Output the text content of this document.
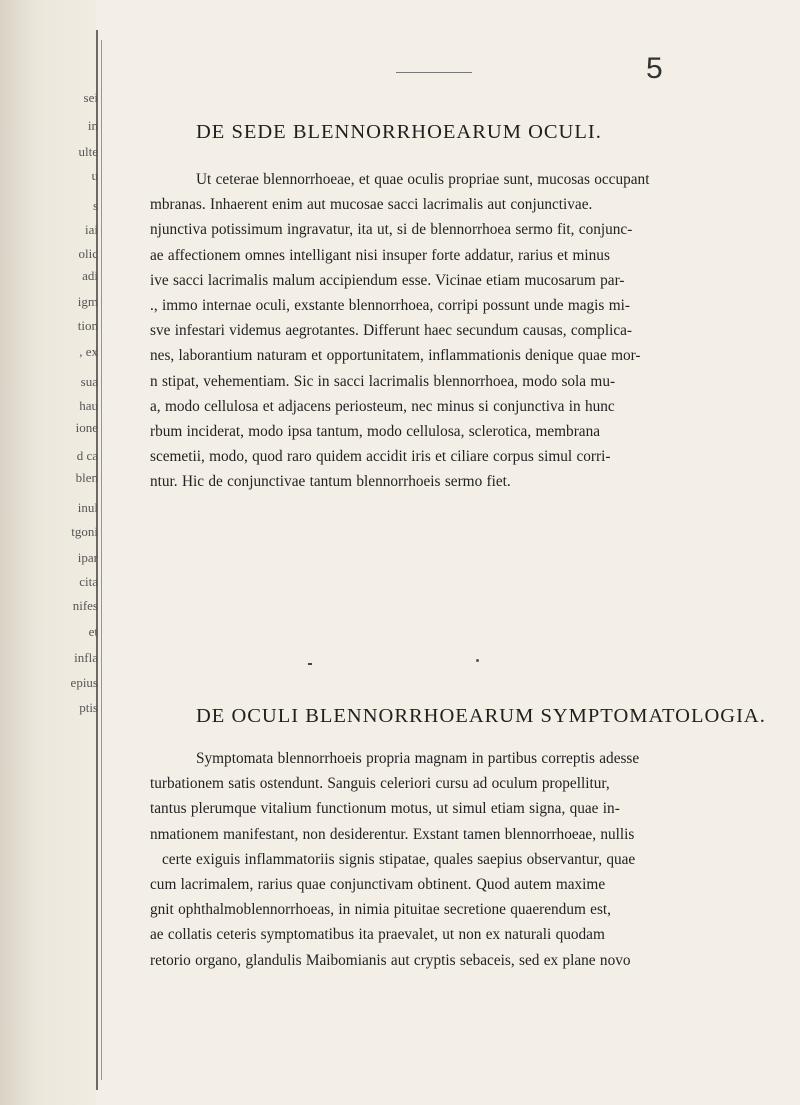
sei
in
ulte
u
s
iai
olic
adi
igm
tion
, ex
sua
hau
ione
d ca
blen
inul
tgoni
ipar
cita
nifes
et
infla
epius
ptis
5
DE SEDE BLENNORRHOEARUM OCULI.
Ut ceterae blennorrhoeae, et quae oculis propriae sunt, mucosas occupant
mbranas. Inhaerent enim aut mucosae sacci lacrimalis aut conjunctivae.
njunctiva potissimum ingravatur, ita ut, si de blennorrhoea sermo fit, conjunc-
ae affectionem omnes intelligant nisi insuper forte addatur, rarius et minus
ive sacci lacrimalis malum accipiendum esse. Vicinae etiam mucosarum par-
., immo internae oculi, exstante blennorrhoea, corripi possunt unde magis mi-
sve infestari videmus aegrotantes. Differunt haec secundum causas, complica-
nes, laborantium naturam et opportunitatem, inflammationis denique quae mor-
n stipat, vehementiam. Sic in sacci lacrimalis blennorrhoea, modo sola mu-
a, modo cellulosa et adjacens periosteum, nec minus si conjunctiva in hunc
rbum inciderat, modo ipsa tantum, modo cellulosa, sclerotica, membrana
scemetii, modo, quod raro quidem accidit iris et ciliare corpus simul corri-
ntur. Hic de conjunctivae tantum blennorrhoeis sermo fiet.
DE OCULI BLENNORRHOEARUM SYMPTOMATOLOGIA.
Symptomata blennorrhoeis propria magnam in partibus correptis adesse
turbationem satis ostendunt. Sanguis celeriori cursu ad oculum propellitur,
tantus plerumque vitalium functionum motus, ut simul etiam signa, quae in-
nmationem manifestant, non desiderentur. Exstant tamen blennorrhoeae, nullis
certe exiguis inflammatoriis signis stipatae, quales saepius observantur, quae
cum lacrimalem, rarius quae conjunctivam obtinent. Quod autem maxime
gnit ophthalmoblennorrhoeas, in nimia pituitae secretione quaerendum est,
ae collatis ceteris symptomatibus ita praevalet, ut non ex naturali quodam
retorio organo, glandulis Maibomianis aut cryptis sebaceis, sed ex plane novo
